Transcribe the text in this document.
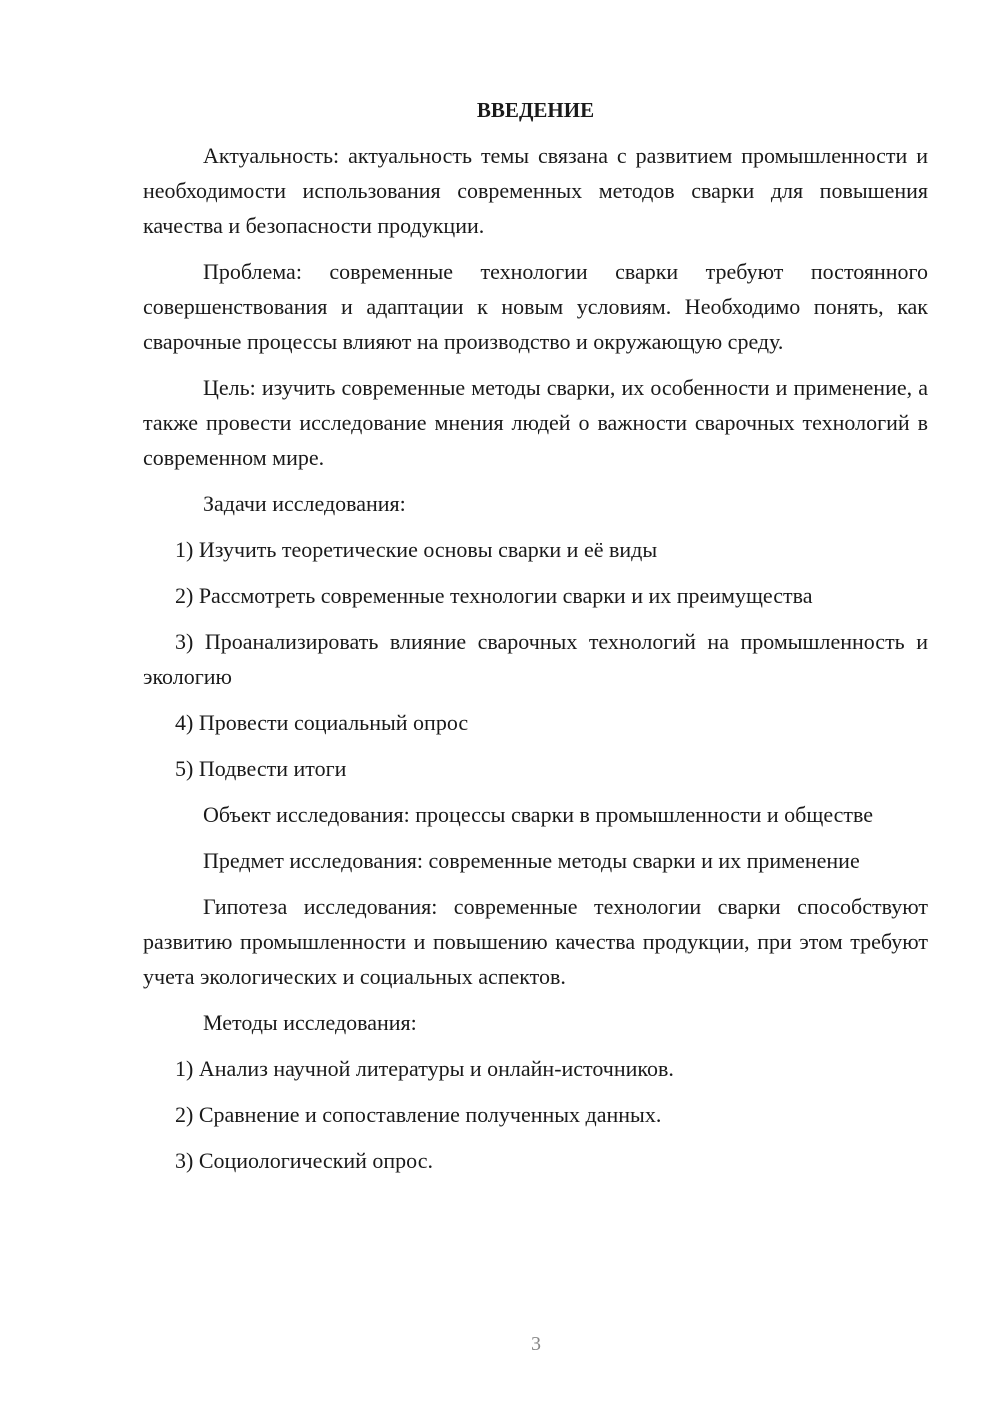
ВВЕДЕНИЕ

Актуальность: актуальность темы связана с развитием промышленности и необходимости использования современных методов сварки для повышения качества и безопасности продукции.

Проблема: современные технологии сварки требуют постоянного совершенствования и адаптации к новым условиям. Необходимо понять, как сварочные процессы влияют на производство и окружающую среду.

Цель: изучить современные методы сварки, их особенности и применение, а также провести исследование мнения людей о важности сварочных технологий в современном мире.

Задачи исследования:

1) Изучить теоретические основы сварки и её виды

2) Рассмотреть современные технологии сварки и их преимущества

3) Проанализировать влияние сварочных технологий на промышленность и экологию

4) Провести социальный опрос

5) Подвести итоги

Объект исследования: процессы сварки в промышленности и обществе

Предмет исследования: современные методы сварки и их применение

Гипотеза исследования: современные технологии сварки способствуют развитию промышленности и повышению качества продукции, при этом требуют учета экологических и социальных аспектов.

Методы исследования:

1) Анализ научной литературы и онлайн-источников.

2) Сравнение и сопоставление полученных данных.

3) Социологический опрос.

3
